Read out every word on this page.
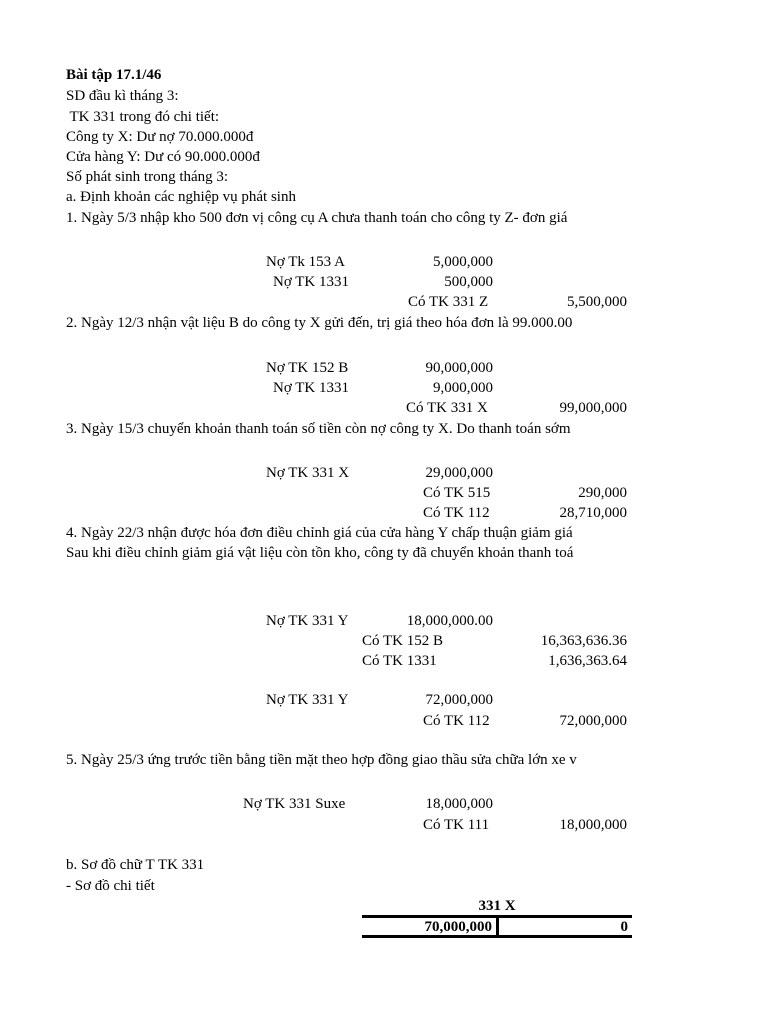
Bài tập 17.1/46
SD đầu kì tháng 3:
TK 331 trong đó chi tiết:
Công ty X: Dư nợ 70.000.000đ
Cửa hàng Y: Dư có 90.000.000đ
Số phát sinh trong tháng 3:
a. Định khoản các nghiệp vụ phát sinh
1. Ngày 5/3 nhập kho 500 đơn vị công cụ A chưa thanh toán cho công ty Z- đơn giá
Nợ Tk 153 A	5,000,000
Nợ TK 1331	500,000
Có TK 331 Z	5,500,000
2. Ngày 12/3 nhận vật liệu B do công ty X gửi đến, trị giá theo hóa đơn là 99.000.00
Nợ TK 152 B	90,000,000
Nợ TK 1331	9,000,000
Có TK 331 X	99,000,000
3. Ngày 15/3 chuyển khoản thanh toán số tiền còn nợ công ty X. Do thanh toán sớm
Nợ TK 331 X	29,000,000
Có TK 515	290,000
Có TK 112	28,710,000
4. Ngày 22/3 nhận được hóa đơn điều chỉnh giá của cửa hàng Y chấp thuận giảm giá
Sau khi điều chỉnh giảm giá vật liệu còn tồn kho, công ty đã chuyển khoản thanh toá
Nợ TK 331 Y	18,000,000.00
Có TK 152 B	16,363,636.36
Có TK 1331	1,636,363.64
Nợ TK 331 Y	72,000,000
Có TK 112	72,000,000
5. Ngày 25/3 ứng trước tiền bằng tiền mặt theo hợp đồng giao thầu sửa chữa lớn xe v
Nợ TK 331 Suxe	18,000,000
Có TK 111	18,000,000
b. Sơ đồ chữ T TK 331
- Sơ đồ chi tiết
331 X
70,000,000	0
